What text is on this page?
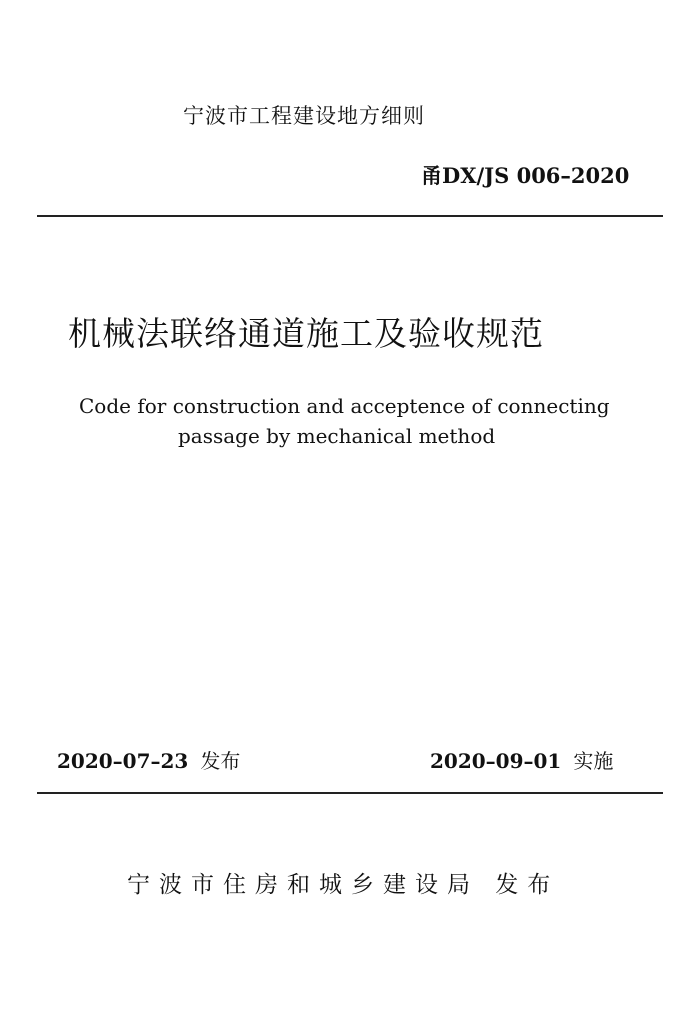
宁波市工程建设地方细则
甬DX/JS 006–2020
机械法联络通道施工及验收规范
Code for construction and acceptence of connecting
passage by mechanical method
2020–07–23 发布	2020–09–01 实施
宁波市住房和城乡建设局 发布
